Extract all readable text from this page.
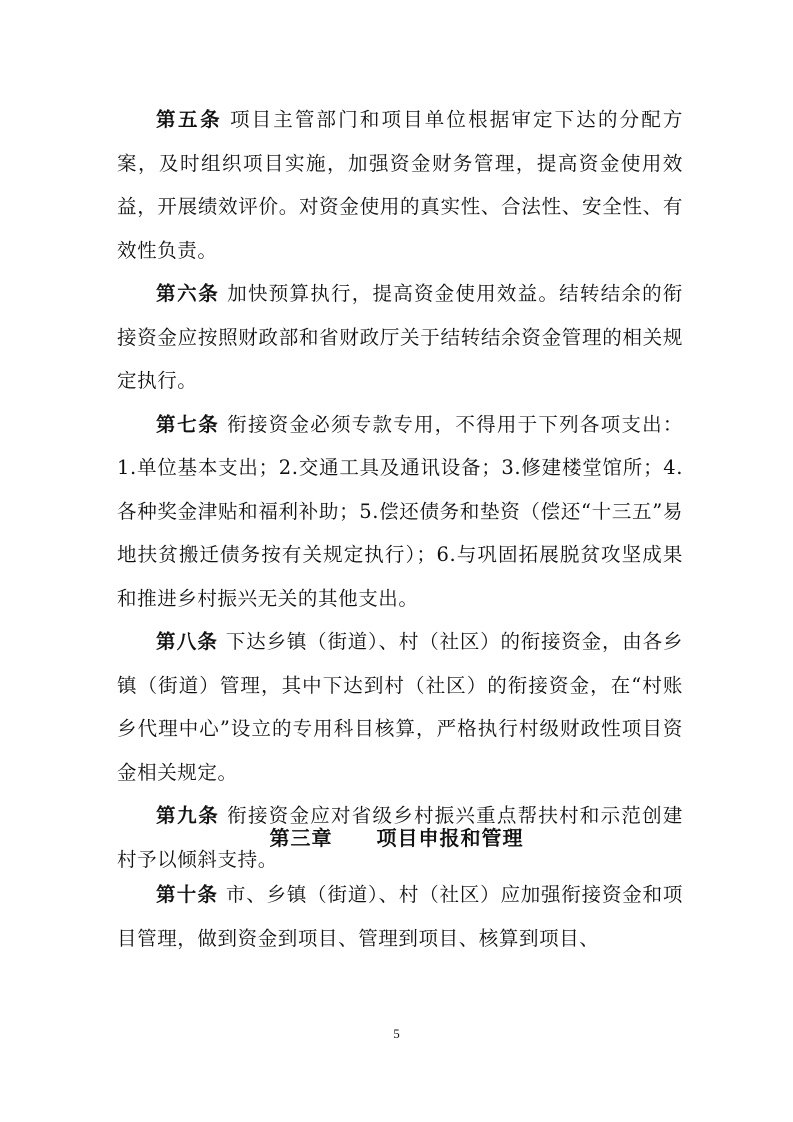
第五条 项目主管部门和项目单位根据审定下达的分配方案，及时组织项目实施，加强资金财务管理，提高资金使用效益，开展绩效评价。对资金使用的真实性、合法性、安全性、有效性负责。

第六条 加快预算执行，提高资金使用效益。结转结余的衔接资金应按照财政部和省财政厅关于结转结余资金管理的相关规定执行。

第七条 衔接资金必须专款专用，不得用于下列各项支出：1.单位基本支出；2.交通工具及通讯设备；3.修建楼堂馆所；4.各种奖金津贴和福利补助；5.偿还债务和垫资（偿还“十三五”易地扶贫搬迁债务按有关规定执行）；6.与巩固拓展脱贫攻坚成果和推进乡村振兴无关的其他支出。

第八条 下达乡镇（街道）、村（社区）的衔接资金，由各乡镇（街道）管理，其中下达到村（社区）的衔接资金，在“村账乡代理中心”设立的专用科目核算，严格执行村级财政性项目资金相关规定。

第九条 衔接资金应对省级乡村振兴重点帮扶村和示范创建村予以倾斜支持。

第三章 项目申报和管理

第十条 市、乡镇（街道）、村（社区）应加强衔接资金和项目管理，做到资金到项目、管理到项目、核算到项目、

5
